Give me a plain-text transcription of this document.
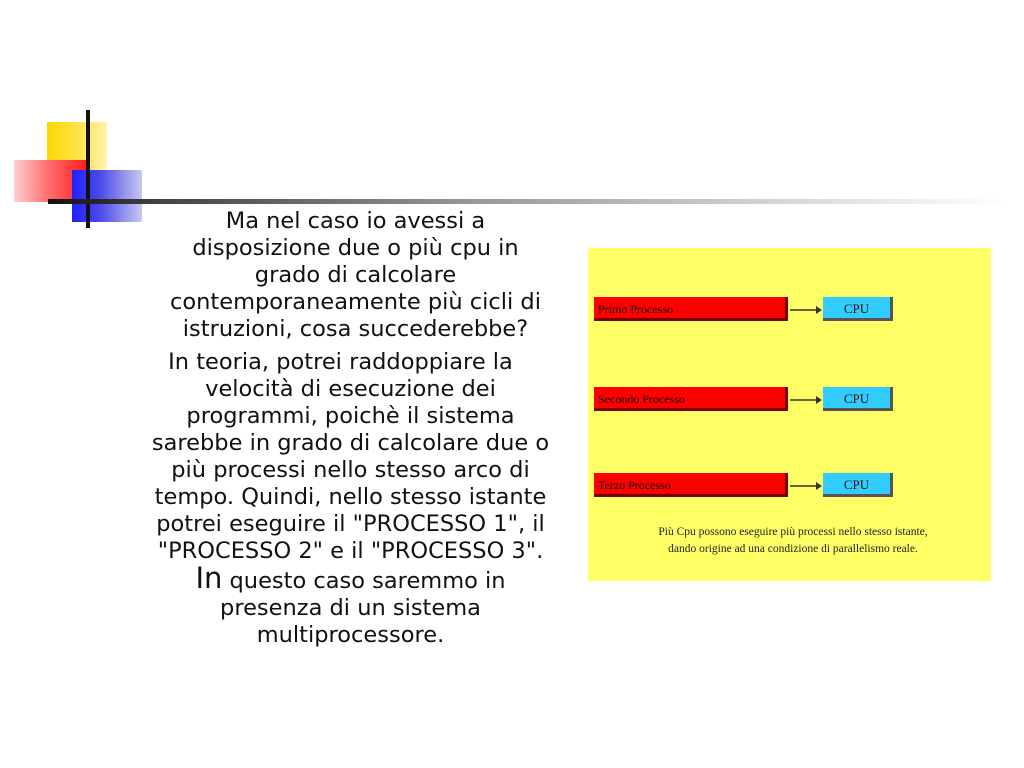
Ma nel caso io avessi a disposizione due o più cpu in grado di calcolare contemporaneamente più cicli di istruzioni, cosa succederebbe?

In teoria, potrei raddoppiare la velocità di esecuzione dei programmi, poichè il sistema sarebbe in grado di calcolare due o più processi nello stesso arco di tempo. Quindi, nello stesso istante potrei eseguire il "PROCESSO 1", il "PROCESSO 2" e il "PROCESSO 3". In questo caso saremmo in presenza di un sistema multiprocessore.

Primo Processo	CPU
Secondo Processo	CPU
Terzo Processo	CPU
Più Cpu possono eseguire più processi nello stesso istante, dando origine ad una condizione di parallelismo reale.
